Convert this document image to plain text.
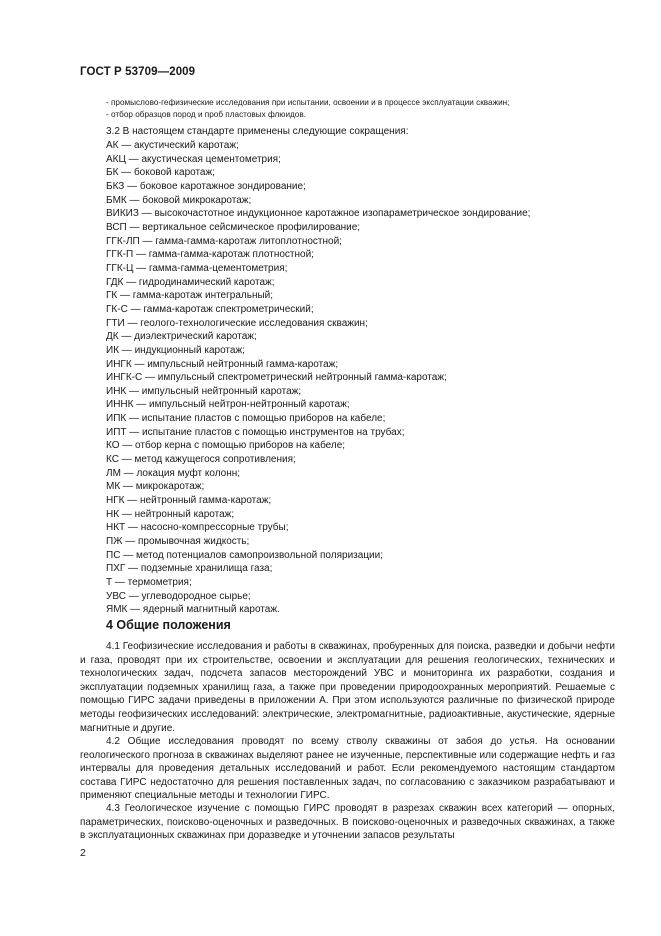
ГОСТ Р 53709—2009
- промыслово-гефизические исследования при испытании, освоении и в процессе эксплуатации скважин;
- отбор образцов пород и проб пластовых флюидов.
3.2 В настоящем стандарте применены следующие сокращения:
АК — акустический каротаж;
АКЦ — акустическая цементометрия;
БК — боковой каротаж;
БКЗ — боковое каротажное зондирование;
БМК — боковой микрокаротаж;
ВИКИЗ — высокочастотное индукционное каротажное изопараметрическое зондирование;
ВСП — вертикальное сейсмическое профилирование;
ГГК-ЛП — гамма-гамма-каротаж литоплотностной;
ГГК-П — гамма-гамма-каротаж плотностной;
ГГК-Ц — гамма-гамма-цементометрия;
ГДК — гидродинамический каротаж;
ГК — гамма-каротаж интегральный;
ГК-С — гамма-каротаж спектрометрический;
ГТИ — геолого-технологические исследования скважин;
ДК — диэлектрический каротаж;
ИК — индукционный каротаж;
ИНГК — импульсный нейтронный гамма-каротаж;
ИНГК-С — импульсный спектрометрический нейтронный гамма-каротаж;
ИНК — импульсный нейтронный каротаж;
ИННК — импульсный нейтрон-нейтронный каротаж;
ИПК — испытание пластов с помощью приборов на кабеле;
ИПТ — испытание пластов с помощью инструментов на трубах;
КО — отбор керна с помощью приборов на кабеле;
КС — метод кажущегося сопротивления;
ЛМ — локация муфт колонн;
МК — микрокаротаж;
НГК — нейтронный гамма-каротаж;
НК — нейтронный каротаж;
НКТ — насосно-компрессорные трубы;
ПЖ — промывочная жидкость;
ПС — метод потенциалов самопроизвольной поляризации;
ПХГ — подземные хранилища газа;
Т — термометрия;
УВС — углеводородное сырье;
ЯМК — ядерный магнитный каротаж.
4 Общие положения

4.1 Геофизические исследования и работы в скважинах, пробуренных для поиска, разведки и добычи нефти и газа, проводят при их строительстве, освоении и эксплуатации для решения геологических, технических и технологических задач, подсчета запасов месторождений УВС и мониторинга их разработки, создания и эксплуатации подземных хранилищ газа, а также при проведении природоохранных мероприятий. Решаемые с помощью ГИРС задачи приведены в приложении А. При этом используются различные по физической природе методы геофизических исследований: электрические, электромагнитные, радиоактивные, акустические, ядерные магнитные и другие.

4.2 Общие исследования проводят по всему стволу скважины от забоя до устья. На основании геологического прогноза в скважинах выделяют ранее не изученные, перспективные или содержащие нефть и газ интервалы для проведения детальных исследований и работ. Если рекомендуемого настоящим стандартом состава ГИРС недостаточно для решения поставленных задач, по согласованию с заказчиком разрабатывают и применяют специальные методы и технологии ГИРС.

4.3 Геологическое изучение с помощью ГИРС проводят в разрезах скважин всех категорий — опорных, параметрических, поисково-оценочных и разведочных. В поисково-оценочных и разведочных скважинах, а также в эксплуатационных скважинах при доразведке и уточнении запасов результаты

2
